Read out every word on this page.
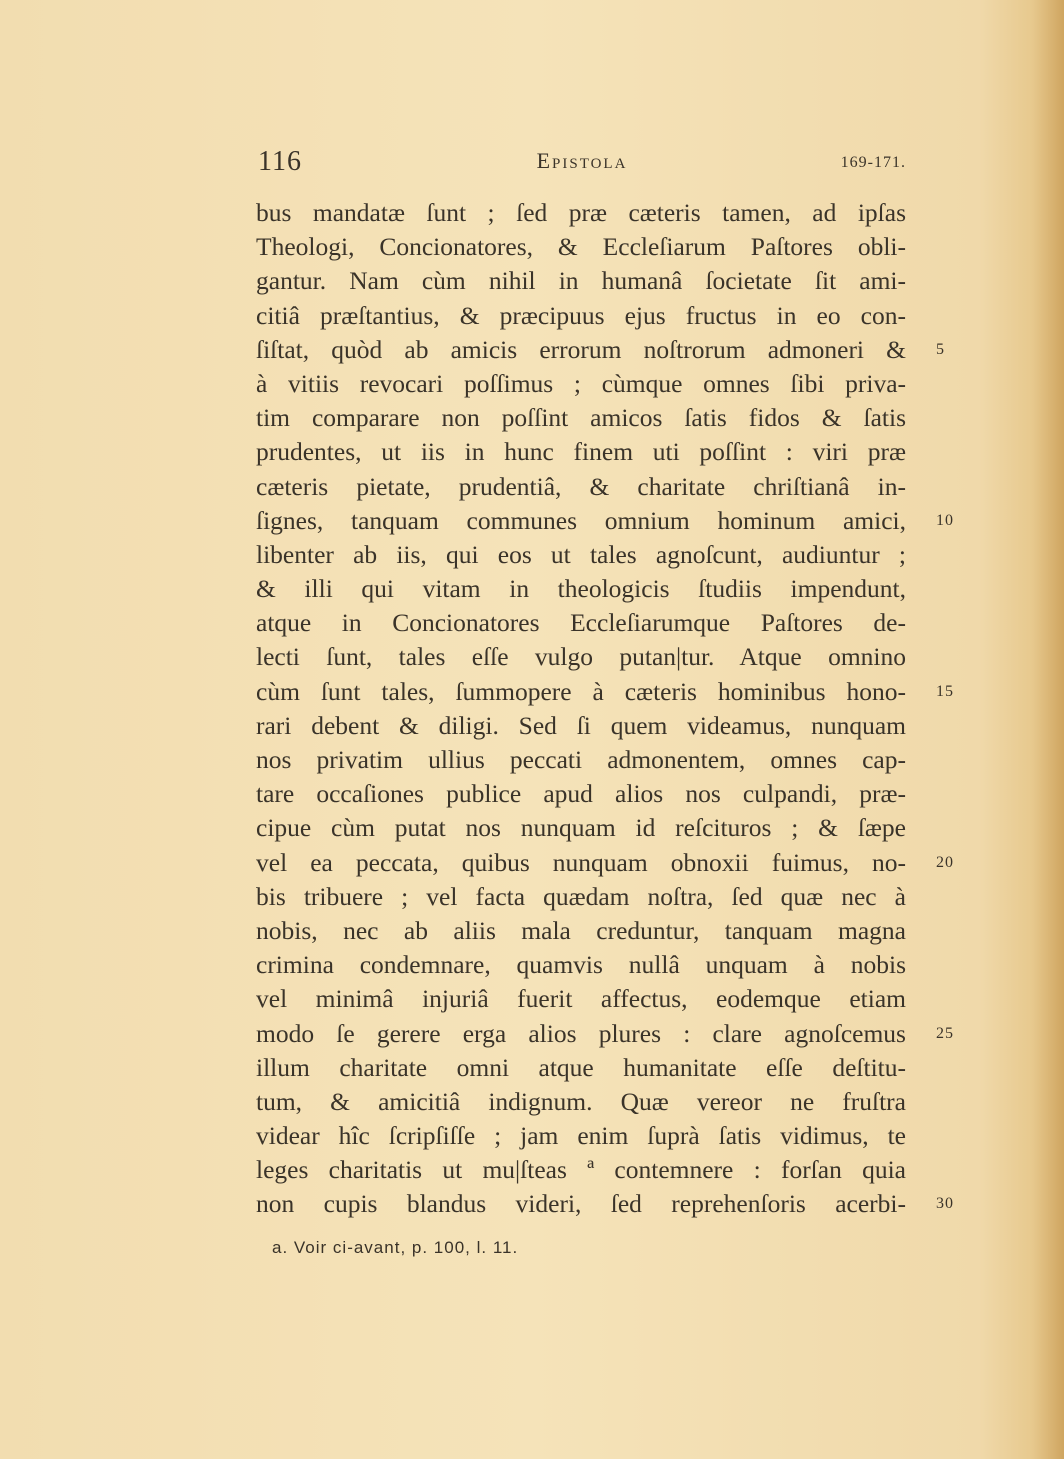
116	Epistola	169-171.
bus mandatæ ſunt ; ſed præ cæteris tamen, ad ipſas
Theologi, Concionatores, & Eccleſiarum Paſtores obli-
gantur. Nam cùm nihil in humanâ ſocietate ſit ami-
citiâ præſtantius, & præcipuus ejus fructus in eo con-
ſiſtat, quòd ab amicis errorum noſtrorum admoneri & 5
à vitiis revocari poſſimus ; cùmque omnes ſibi priva-
tim comparare non poſſint amicos ſatis fidos & ſatis
prudentes, ut iis in hunc finem uti poſſint : viri præ
cæteris pietate, prudentiâ, & charitate chriſtianâ in-
ſignes, tanquam communes omnium hominum amici, 10
libenter ab iis, qui eos ut tales agnoſcunt, audiuntur ;
& illi qui vitam in theologicis ſtudiis impendunt,
atque in Concionatores Eccleſiarumque Paſtores de-
lecti ſunt, tales eſſe vulgo putan|tur. Atque omnino
cùm ſunt tales, ſummopere à cæteris hominibus hono- 15
rari debent & diligi. Sed ſi quem videamus, nunquam
nos privatim ullius peccati admonentem, omnes cap-
tare occaſiones publice apud alios nos culpandi, præ-
cipue cùm putat nos nunquam id reſcituros ; & ſæpe
vel ea peccata, quibus nunquam obnoxii fuimus, no- 20
bis tribuere ; vel facta quædam noſtra, ſed quæ nec à
nobis, nec ab aliis mala creduntur, tanquam magna
crimina condemnare, quamvis nullâ unquam à nobis
vel minimâ injuriâ fuerit affectus, eodemque etiam
modo ſe gerere erga alios plures : clare agnoſcemus 25
illum charitate omni atque humanitate eſſe deſtitu-
tum, & amicitiâ indignum. Quæ vereor ne fruſtra
videar hîc ſcripſiſſe ; jam enim ſuprà ſatis vidimus, te
leges charitatis ut mu|ſteas ª contemnere : forſan quia
non cupis blandus videri, ſed reprehenſoris acerbi- 30
a. Voir ci-avant, p. 100, l. 11.
